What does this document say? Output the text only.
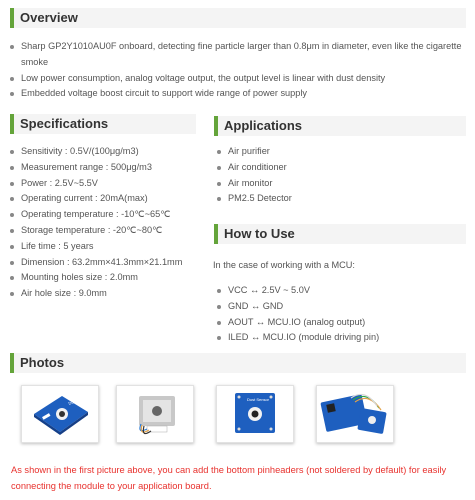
Overview
Sharp GP2Y1010AU0F onboard, detecting fine particle larger than 0.8μm in diameter, even like the cigarette smoke
Low power consumption, analog voltage output, the output level is linear with dust density
Embedded voltage boost circuit to support wide range of power supply
Specifications
Sensitivity : 0.5V/(100μg/m3)
Measurement range : 500μg/m3
Power : 2.5V~5.5V
Operating current : 20mA(max)
Operating temperature : -10℃~65℃
Storage temperature : -20℃~80℃
Life time : 5 years
Dimension : 63.2mm×41.3mm×21.1mm
Mounting holes size : 2.0mm
Air hole size : 9.0mm
Applications
Air purifier
Air conditioner
Air monitor
PM2.5 Detector
How to Use
In the case of working with a MCU:
VCC ↔ 2.5V ~ 5.0V
GND ↔ GND
AOUT ↔ MCU.IO (analog output)
ILED ↔ MCU.IO (module driving pin)
Photos
Dust Sensor	Dust Sensor
As shown in the first picture above, you can add the bottom pinheaders (not soldered by default) for easily connecting the module to your application board.
